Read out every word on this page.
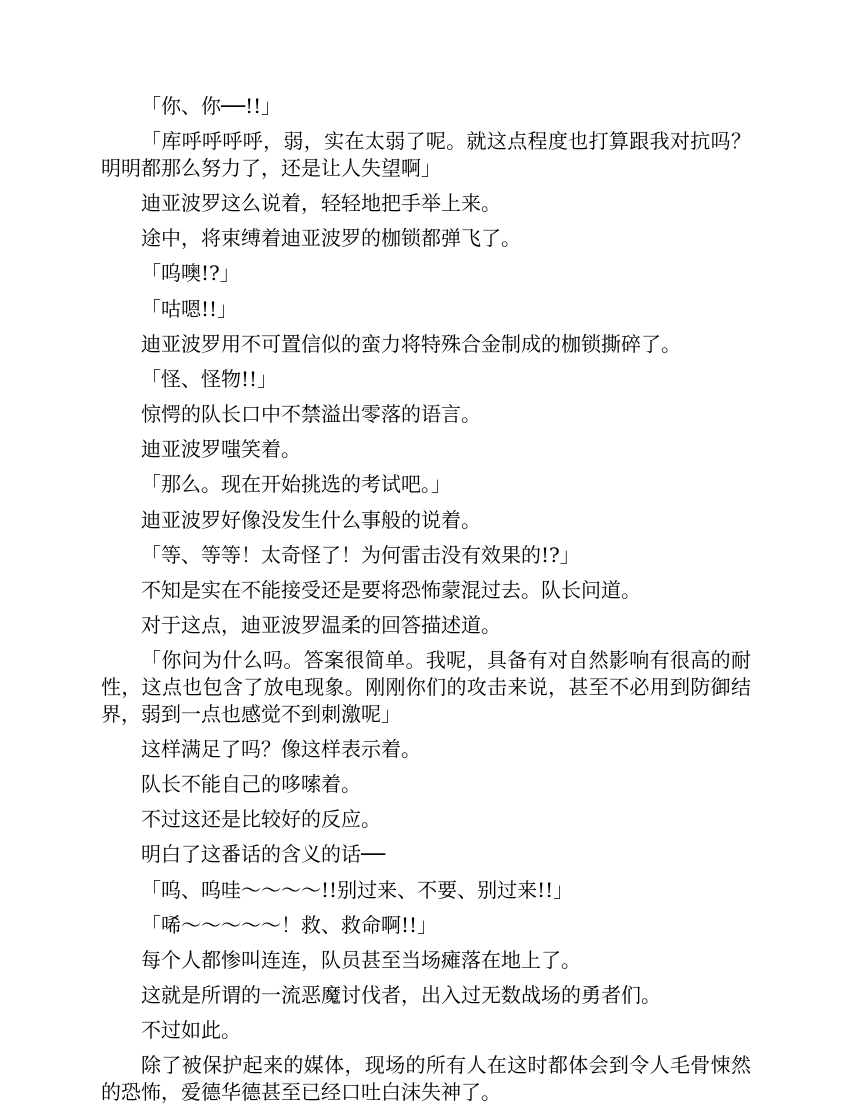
「你、你──!!」

「库呼呼呼呼，弱，实在太弱了呢。就这点程度也打算跟我对抗吗？明明都那么努力了，还是让人失望啊」

迪亚波罗这么说着，轻轻地把手举上来。

途中，将束缚着迪亚波罗的枷锁都弹飞了。

「呜噢!?」

「咕嗯!!」

迪亚波罗用不可置信似的蛮力将特殊合金制成的枷锁撕碎了。

「怪、怪物!!」

惊愕的队长口中不禁溢出零落的语言。

迪亚波罗嗤笑着。

「那么。现在开始挑选的考试吧。」

迪亚波罗好像没发生什么事般的说着。

「等、等等！太奇怪了！为何雷击没有效果的!?」

不知是实在不能接受还是要将恐怖蒙混过去。队长问道。

对于这点，迪亚波罗温柔的回答描述道。

「你问为什么吗。答案很简单。我呢，具备有对自然影响有很高的耐性，这点也包含了放电现象。刚刚你们的攻击来说，甚至不必用到防御结界，弱到一点也感觉不到刺激呢」

这样满足了吗？像这样表示着。

队长不能自己的哆嗦着。

不过这还是比较好的反应。

明白了这番话的含义的话──

「呜、呜哇～～～～!!别过来、不要、别过来!!」

「唏～～～～～！救、救命啊!!」

每个人都惨叫连连，队员甚至当场瘫落在地上了。

这就是所谓的一流恶魔讨伐者，出入过无数战场的勇者们。

不过如此。

除了被保护起来的媒体，现场的所有人在这时都体会到令人毛骨悚然的恐怖，爱德华德甚至已经口吐白沫失神了。
